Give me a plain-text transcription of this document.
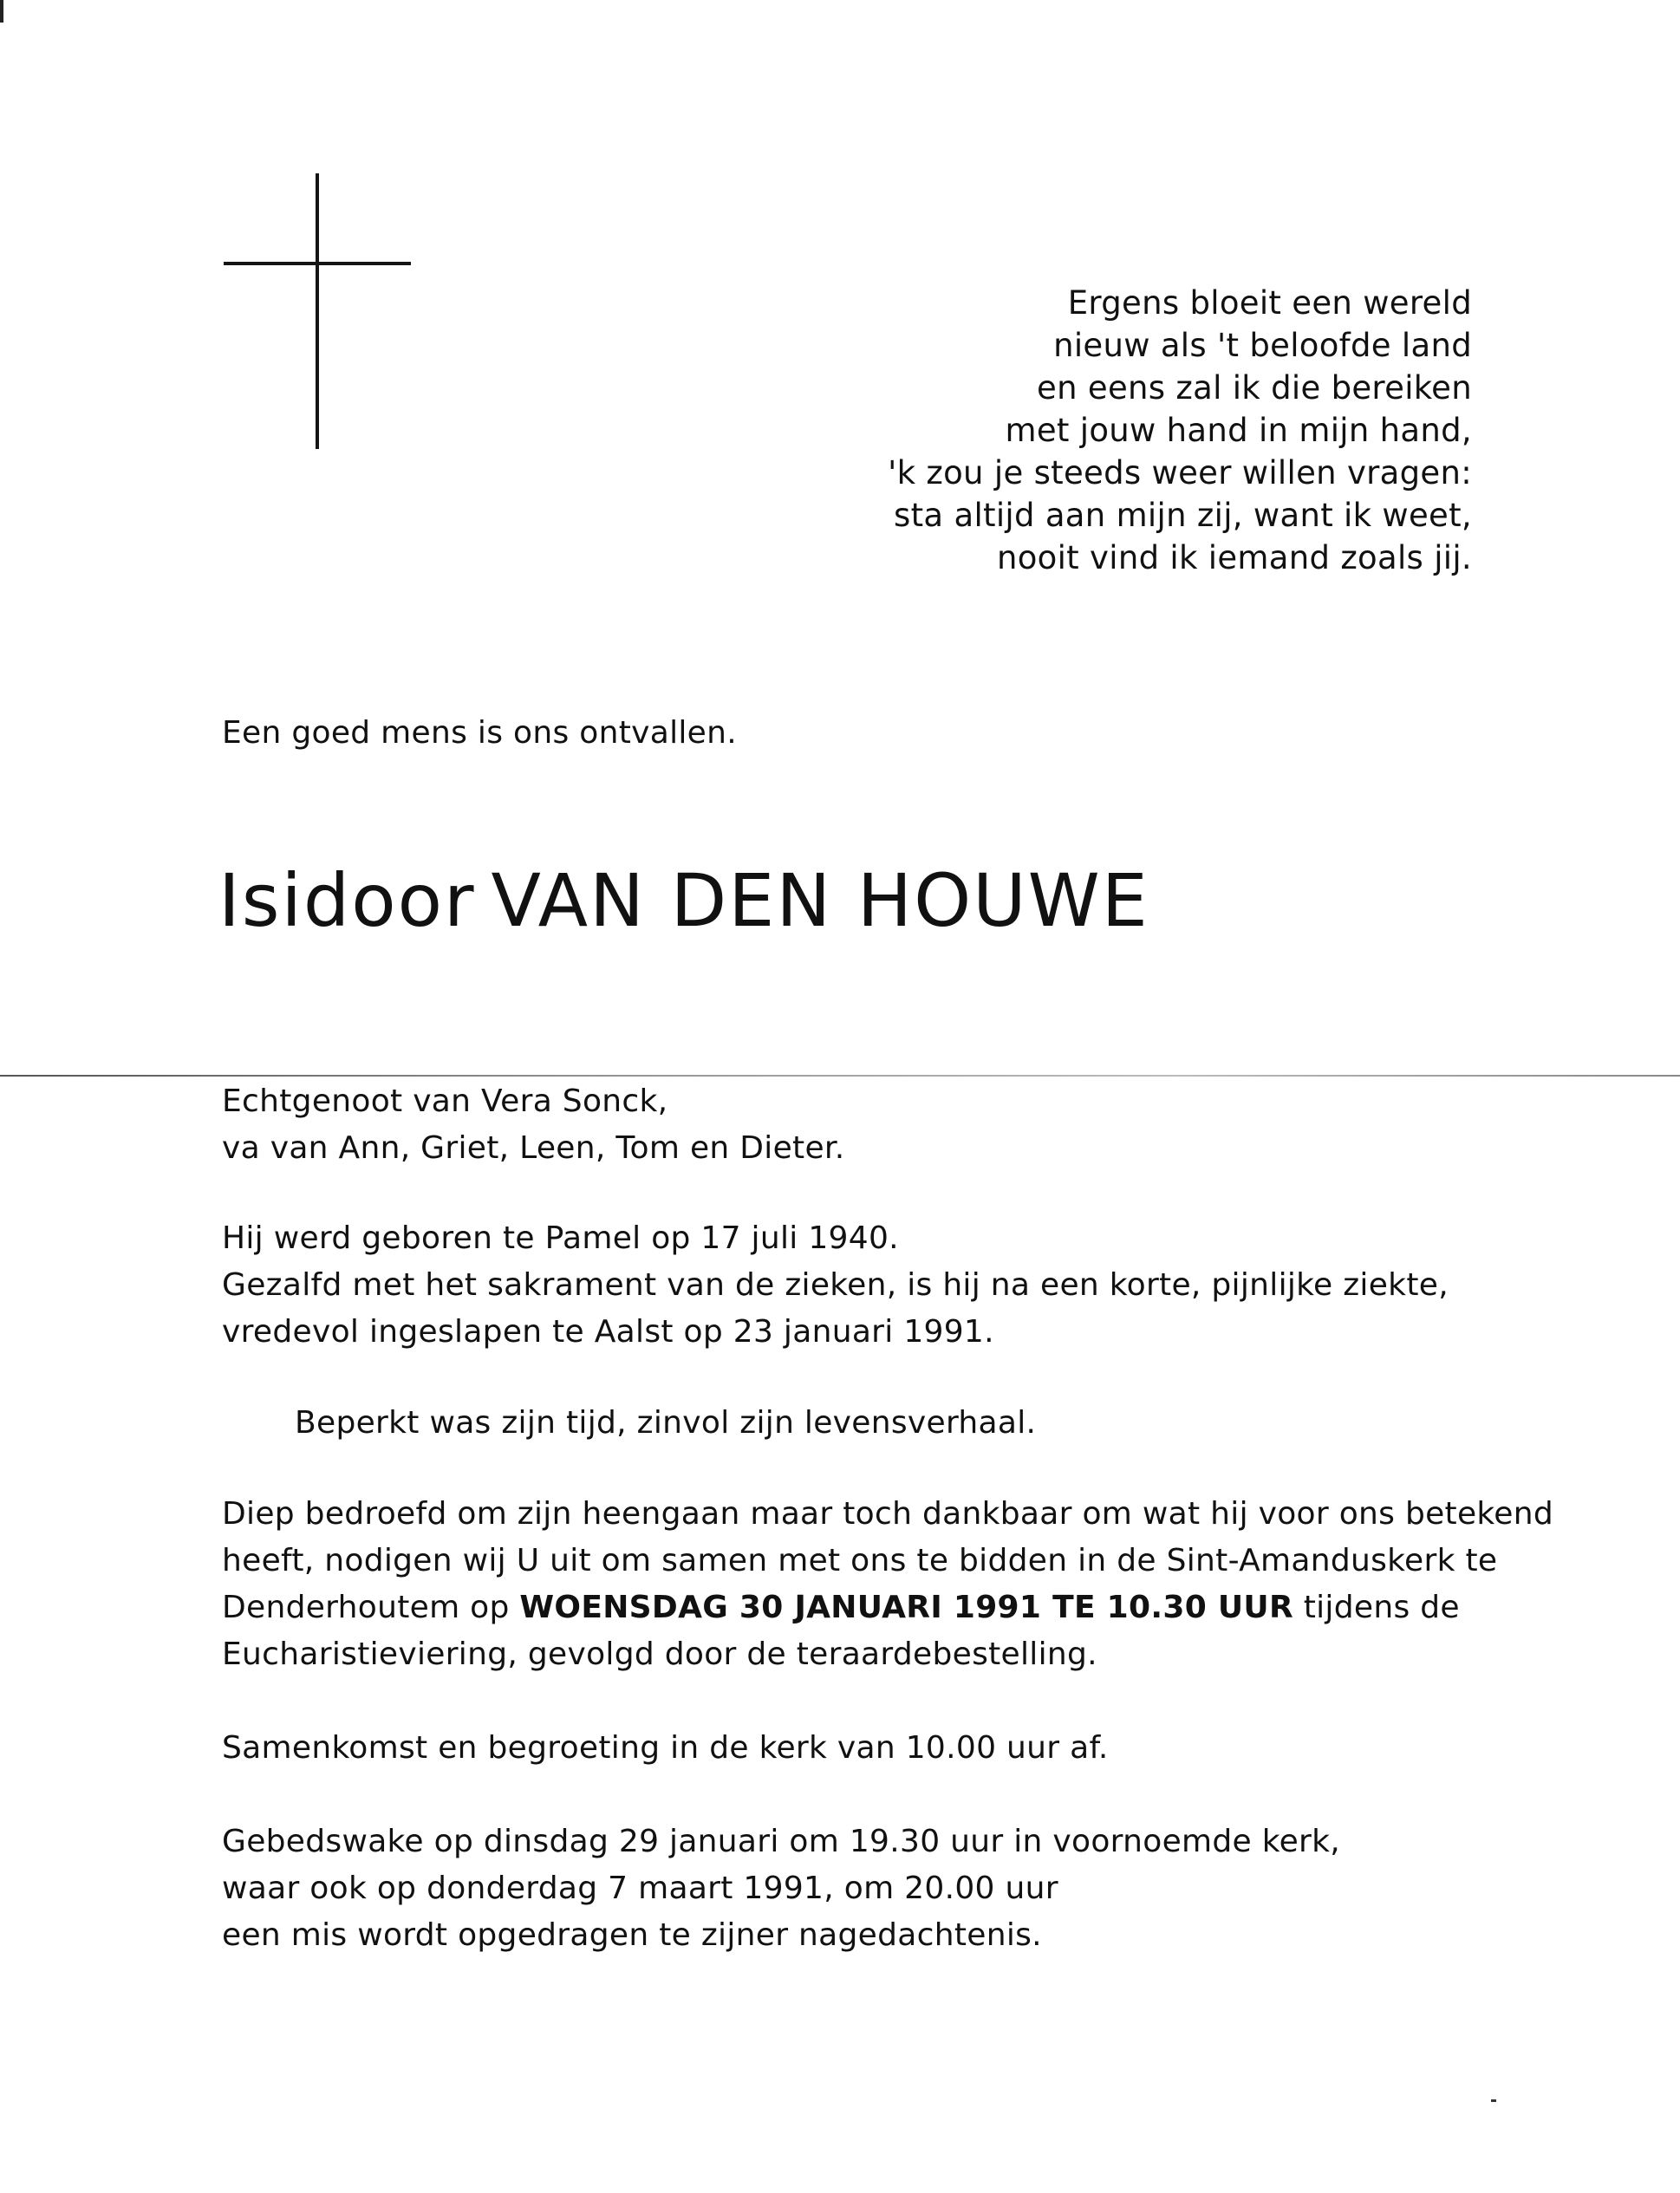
Ergens bloeit een wereld
nieuw als 't beloofde land
en eens zal ik die bereiken
met jouw hand in mijn hand,
'k zou je steeds weer willen vragen:
sta altijd aan mijn zij, want ik weet,
nooit vind ik iemand zoals jij.
Een goed mens is ons ontvallen.
Isidoor VAN DEN HOUWE
Echtgenoot van Vera Sonck,
va van Ann, Griet, Leen, Tom en Dieter.
Hij werd geboren te Pamel op 17 juli 1940.
Gezalfd met het sakrament van de zieken, is hij na een korte, pijnlijke ziekte,
vredevol ingeslapen te Aalst op 23 januari 1991.
Beperkt was zijn tijd, zinvol zijn levensverhaal.
Diep bedroefd om zijn heengaan maar toch dankbaar om wat hij voor ons betekend
heeft, nodigen wij U uit om samen met ons te bidden in de Sint-Amanduskerk te
Denderhoutem op WOENSDAG 30 JANUARI 1991 TE 10.30 UUR tijdens de
Eucharistieviering, gevolgd door de teraardebestelling.
Samenkomst en begroeting in de kerk van 10.00 uur af.
Gebedswake op dinsdag 29 januari om 19.30 uur in voornoemde kerk,
waar ook op donderdag 7 maart 1991, om 20.00 uur
een mis wordt opgedragen te zijner nagedachtenis.
